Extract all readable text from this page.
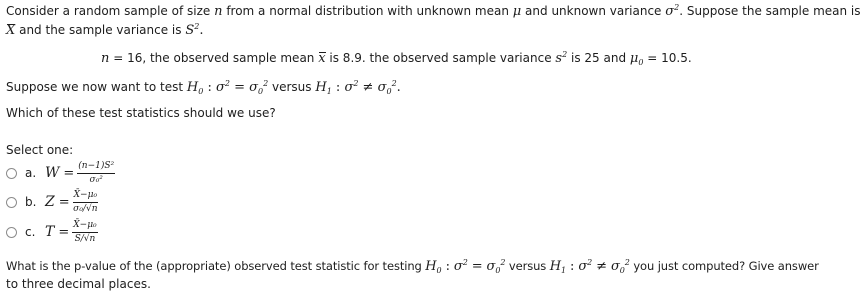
Consider a random sample of size n from a normal distribution with unknown mean μ and unknown variance $\sigma^2$. Suppose the sample mean is
X and the sample variance is $S^2$.
n = 16, the observed sample mean x is 8.9. the observed sample variance $s^2$ is 25 and $\mu_0 = 10.5$.
Suppose we now want to test $H_0$ : $\sigma^2 = \sigma_0^2$ versus $H_1$ : $\sigma^2 \ne \sigma_0^2$.
Which of these test statistics should we use?
Select one:
a. $W = \frac{\text{(n−1)S²}}{\text{σ₀²}}$
b. $Z = \frac{\text{X̄−μ₀}}{\text{σ₀/√n}}$
c. $T = \frac{\text{X̄−μ₀}}{S/√n}$
What is the p-value of the (appropriate) observed test statistic for testing $H_0$ : $\sigma^2 = \sigma_0^2$ versus $H_1$ : $\sigma^2 \ne \sigma_0^2$ you just computed? Give answer
to three decimal places.
